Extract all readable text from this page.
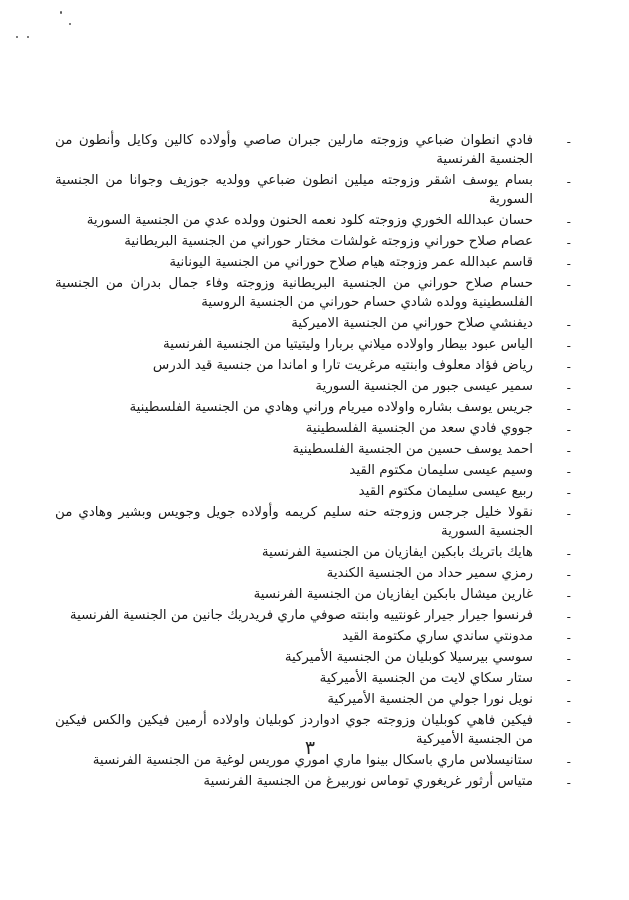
- فادي انطوان ضباعي وزوجته مارلين جبران صاصي وأولاده كالين وكايل وأنطون من الجنسية الفرنسية
- بسام يوسف اشقر وزوجته ميلين انطون ضباعي وولديه جوزيف وجوانا من الجنسية السورية
- حسان عبدالله الخوري وزوجته كلود نعمه الحنون وولده عدي من الجنسية السورية
- عصام صلاح حوراني وزوجته غولشات مختار حوراني من الجنسية البريطانية
- قاسم عبدالله عمر وزوجته هيام صلاح حوراني من الجنسية اليونانية
- حسام صلاح حوراني من الجنسية البريطانية وزوجته وفاء جمال بدران من الجنسية الفلسطينية وولده شادي حسام حوراني من الجنسية الروسية
- ديفنشي صلاح حوراني من الجنسية الاميركية
- الياس عبود بيطار واولاده ميلاني بربارا وليتيتيا من الجنسية الفرنسية
- رياض فؤاد معلوف وابنتيه مرغريت تارا و اماندا من جنسية قيد الدرس
- سمير عيسى جبور من الجنسية السورية
- جريس يوسف بشاره واولاده ميريام وراني وهادي من الجنسية الفلسطينية
- جووي فادي سعد من الجنسية الفلسطينية
- احمد يوسف حسين من الجنسية الفلسطينية
- وسيم عيسى سليمان مكتوم القيد
- ربيع عيسى سليمان مكتوم القيد
- نقولا خليل جرجس وزوجته حنه سليم كريمه وأولاده جويل وجويس وبشير وهادي من الجنسية السورية
- هايك باتريك بابكين ايفازيان من الجنسية الفرنسية
- رمزي سمير حداد من الجنسية الكندية
- غارين ميشال بابكين ايفازيان من الجنسية الفرنسية
- فرنسوا جيرار جيرار غونتييه وابنته صوفي ماري فريدريك جانين من الجنسية الفرنسية
- مدونتي ساندي ساري مكتومة القيد
- سوسي بيرسيلا كوبليان من الجنسية الأميركية
- ستار سكاي لايت من الجنسية الأميركية
- نويل نورا جولي من الجنسية الأميركية
- فيكين فاهي كوبليان وزوجته جوي ادواردز كوبليان واولاده أرمين فيكين والكس فيكين من الجنسية الأميركية
- ستانيسلاس ماري باسكال بينوا ماري اموري موريس لوغية من الجنسية الفرنسية
- متياس أرثور غريغوري توماس نوربيرغ من الجنسية الفرنسية
٣
